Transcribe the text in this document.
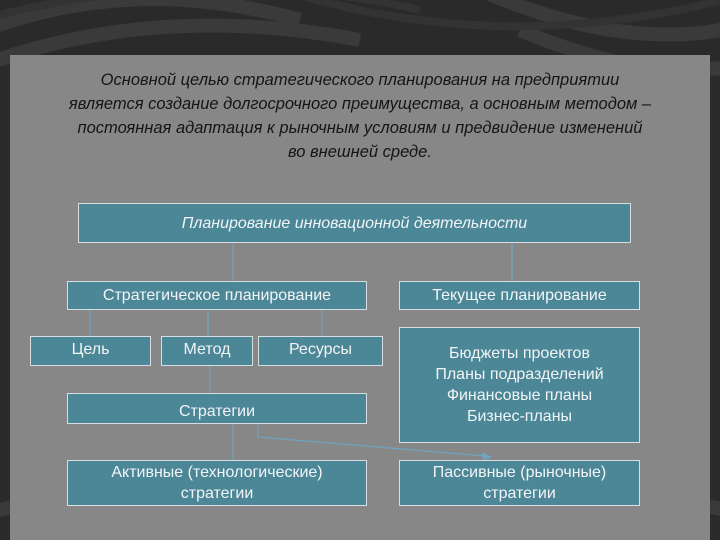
Основной целью стратегического планирования на предприятии
является создание долгосрочного преимущества, а основным методом –
постоянная адаптация к рыночным условиям и предвидение изменений
во внешней среде.
Планирование инновационной деятельности
Стратегическое планирование	Текущее планирование
Цель	Метод	Ресурсы
Стратегии
Бюджеты проектов
Планы подразделений
Финансовые планы
Бизнес-планы
Активные (технологические) стратегии
Пассивные (рыночные) стратегии
